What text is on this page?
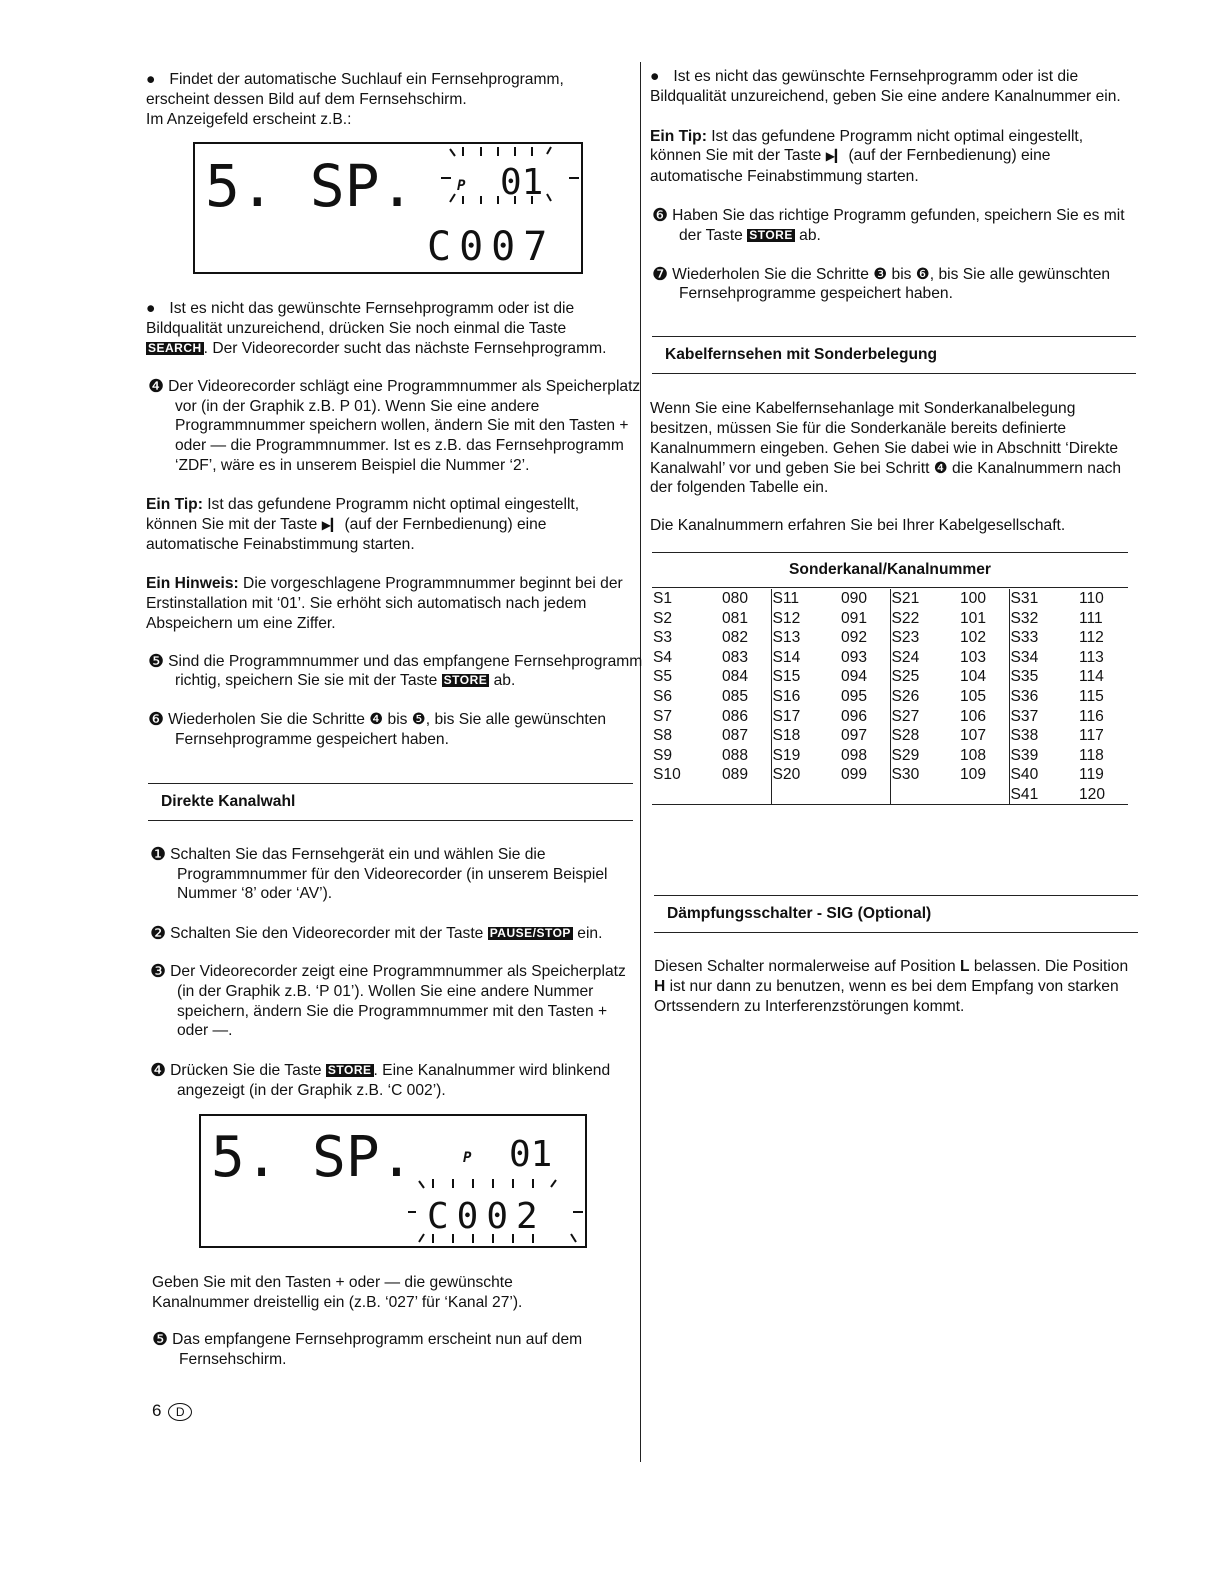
● Findet der automatische Suchlauf ein Fernsehprogramm, erscheint dessen Bild auf dem Fernsehschirm.
Im Anzeigefeld erscheint z.B.:
5. SP.	P 01
C007
● Ist es nicht das gewünschte Fernsehprogramm oder ist die Bildqualität unzureichend, drücken Sie noch einmal die Taste SEARCH . Der Videorecorder sucht das nächste Fernsehprogramm.
❹ Der Videorecorder schlägt eine Programmnummer als Speicherplatz vor (in der Graphik z.B. P 01). Wenn Sie eine andere Programmnummer speichern wollen, ändern Sie mit den Tasten + oder — die Programmnummer. Ist es z.B. das Fernsehprogramm ‘ZDF’, wäre es in unserem Beispiel die Nummer ‘2’.
Ein Tip: Ist das gefundene Programm nicht optimal eingestellt, können Sie mit der Taste ▶▎ (auf der Fernbedienung) eine automatische Feinabstimmung starten.
Ein Hinweis: Die vorgeschlagene Programmnummer beginnt bei der Erstinstallation mit ‘01’. Sie erhöht sich automatisch nach jedem Abspeichern um eine Ziffer.
❺ Sind die Programmnummer und das empfangene Fernsehprogramm richtig, speichern Sie sie mit der Taste STORE ab.
❻ Wiederholen Sie die Schritte ❹ bis ❺, bis Sie alle gewünschten Fernsehprogramme gespeichert haben.
Direkte Kanalwahl
❶ Schalten Sie das Fernsehgerät ein und wählen Sie die Programmnummer für den Videorecorder (in unserem Beispiel Nummer ‘8’ oder ‘AV’).
❷ Schalten Sie den Videorecorder mit der Taste PAUSE/STOP ein.
❸ Der Videorecorder zeigt eine Programmnummer als Speicherplatz (in der Graphik z.B. ‘P 01’). Wollen Sie eine andere Nummer speichern, ändern Sie die Programmnummer mit den Tasten + oder —.
❹ Drücken Sie die Taste STORE . Eine Kanalnummer wird blinkend angezeigt (in der Graphik z.B. ‘C 002’).
5. SP.	P 01
C002
Geben Sie mit den Tasten + oder — die gewünschte Kanalnummer dreistellig ein (z.B. ‘027’ für ‘Kanal 27’).
❺ Das empfangene Fernsehprogramm erscheint nun auf dem Fernsehschirm.
6 D
● Ist es nicht das gewünschte Fernsehprogramm oder ist die Bildqualität unzureichend, geben Sie eine andere Kanalnummer ein.
Ein Tip: Ist das gefundene Programm nicht optimal eingestellt, können Sie mit der Taste ▶▎ (auf der Fernbedienung) eine automatische Feinabstimmung starten.
❻ Haben Sie das richtige Programm gefunden, speichern Sie es mit der Taste STORE ab.
❼ Wiederholen Sie die Schritte ❸ bis ❻, bis Sie alle gewünschten Fernsehprogramme gespeichert haben.
Kabelfernsehen mit Sonderbelegung
Wenn Sie eine Kabelfernsehanlage mit Sonderkanalbelegung besitzen, müssen Sie für die Sonderkanäle bereits definierte Kanalnummern eingeben. Gehen Sie dabei wie in Abschnitt ‘Direkte Kanalwahl’ vor und geben Sie bei Schritt ❹ die Kanalnummern nach der folgenden Tabelle ein.
Die Kanalnummern erfahren Sie bei Ihrer Kabelgesellschaft.
Sonderkanal/Kanalnummer
S1	080	S11	090	S21	100	S31	110
S2	081	S12	091	S22	101	S32	111
S3	082	S13	092	S23	102	S33	112
S4	083	S14	093	S24	103	S34	113
S5	084	S15	094	S25	104	S35	114
S6	085	S16	095	S26	105	S36	115
S7	086	S17	096	S27	106	S37	116
S8	087	S18	097	S28	107	S38	117
S9	088	S19	098	S29	108	S39	118
S10	089	S20	099	S30	109	S40	119
						S41	120
Dämpfungsschalter - SIG (Optional)
Diesen Schalter normalerweise auf Position L belassen. Die Position H ist nur dann zu benutzen, wenn es bei dem Empfang von starken Ortssendern zu Interferenzstörungen kommt.
